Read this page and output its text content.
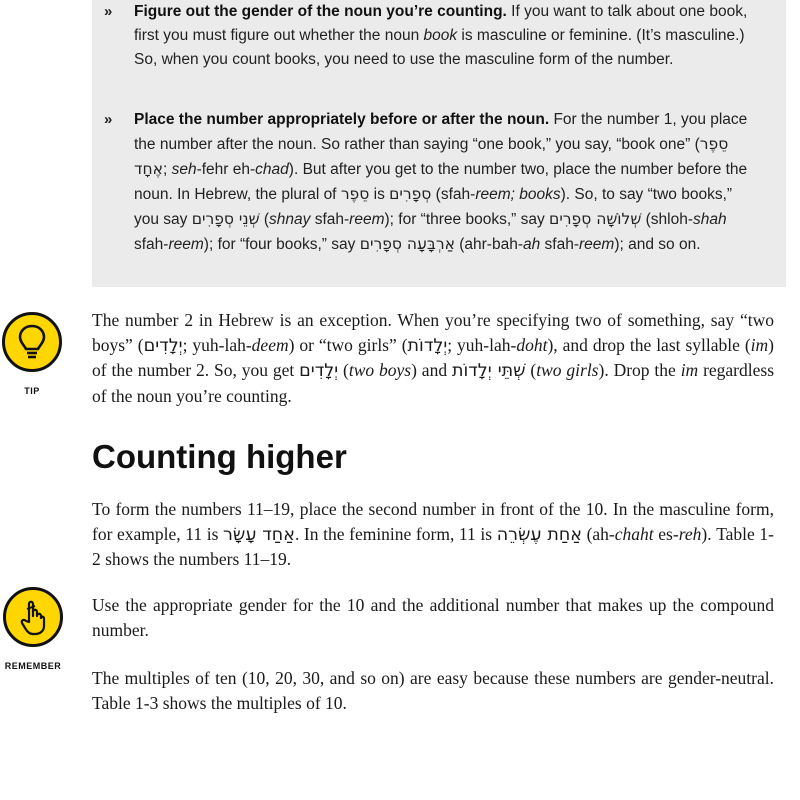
» Figure out the gender of the noun you’re counting. If you want to talk about one book, first you must figure out whether the noun book is masculine or feminine. (It’s masculine.) So, when you count books, you need to use the masculine form of the number.
» Place the number appropriately before or after the noun. For the number 1, you place the number after the noun. So rather than saying “one book,” you say, “book one” (סֵפֶר אֶחָד; seh-fehr eh-chad). But after you get to the number two, place the number before the noun. In Hebrew, the plural of סֵפֶר is סְפָרִים (sfah-reem; books). So, to say “two books,” you say שְׁנֵי סְפָרִים (shnay sfah-reem); for “three books,” say שְׁלוֹשָׁה סְפָרִים (shloh-shah sfah-reem); for “four books,” say אַרְבָּעָה סְפָרִים (ahr-bah-ah sfah-reem); and so on.
TIP
The number 2 in Hebrew is an exception. When you’re specifying two of something, say “two boys” (יְלָדִים; yuh-lah-deem) or “two girls” (יְלָדוֹת; yuh-lah-doht), and drop the last syllable (im) of the number 2. So, you get יְלָדִים (two boys) and שְׁתֵּי יְלָדוֹת (two girls). Drop the im regardless of the noun you’re counting.
Counting higher
To form the numbers 11–19, place the second number in front of the 10. In the masculine form, for example, 11 is אַחַד עָשָׂר. In the feminine form, 11 is אַחַת עֶשְׂרֵה (ah-chaht es-reh). Table 1-2 shows the numbers 11–19.
REMEMBER
Use the appropriate gender for the 10 and the additional number that makes up the compound number.
The multiples of ten (10, 20, 30, and so on) are easy because these numbers are gender-neutral. Table 1-3 shows the multiples of 10.
